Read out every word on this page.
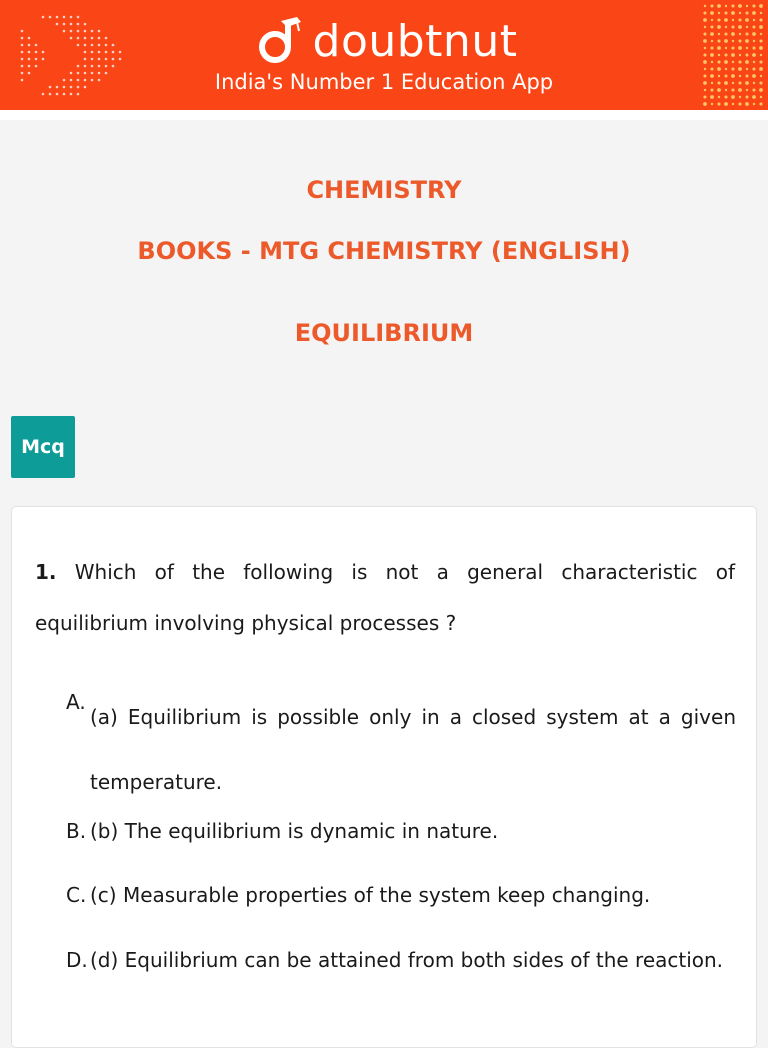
doubtnut
India's Number 1 Education App
CHEMISTRY
BOOKS - MTG CHEMISTRY (ENGLISH)
EQUILIBRIUM
Mcq
1. Which of the following is not a general characteristic of equilibrium involving physical processes ?
A.
(a) Equilibrium is possible only in a closed system at a given temperature.
B. (b) The equilibrium is dynamic in nature.
C. (c) Measurable properties of the system keep changing.
D. (d) Equilibrium can be attained from both sides of the reaction.
